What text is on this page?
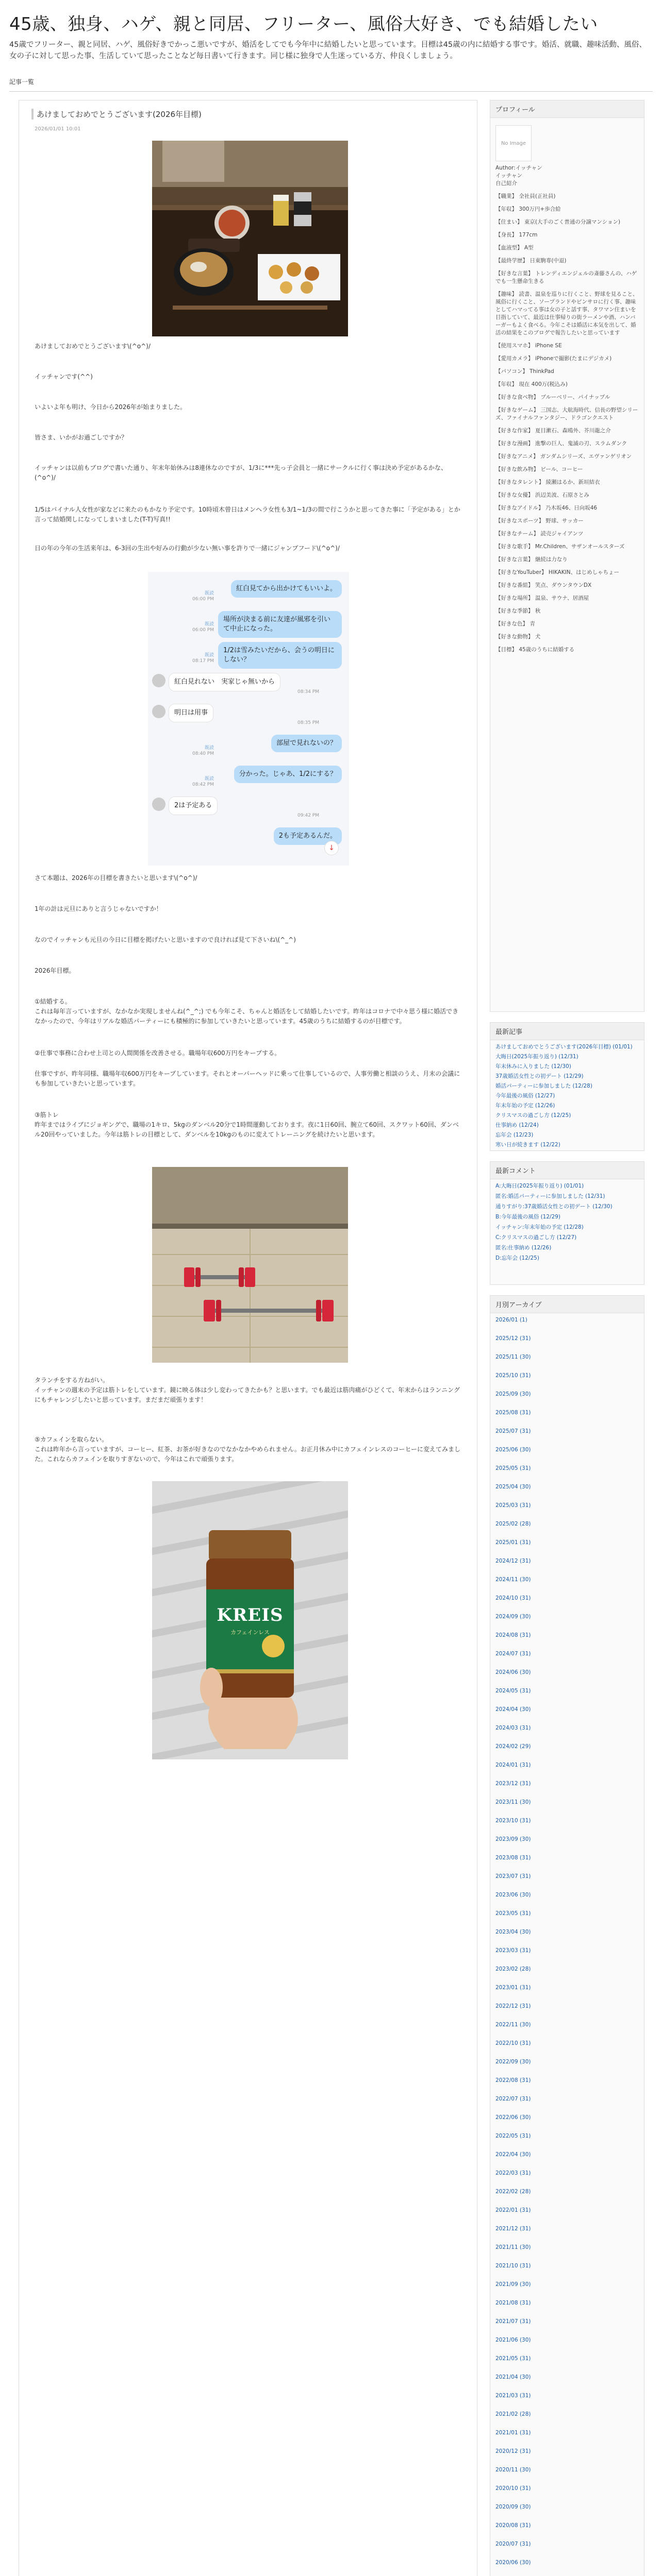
45歳、独身、ハゲ、親と同居、フリーター、風俗大好き、でも結婚したい

45歳でフリーター、親と同居、ハゲ、風俗好きでかっこ悪いですが、婚活をしてでも今年中に結婚したいと思っています。目標は45歳の内に結婚する事です。婚活、就職、趣味活動、風俗、女の子に対して思った事、生活していて思ったことなど毎日書いて行きます。同じ様に独身で人生迷っている方、仲良くしましょう。

記事一覧
あけましておめでとうございます(2026年目標)
2026/01/01 10:01
あけましておめでとうございます\(^o^)/
イッチャンです(^^)
いよいよ年も明け、今日から2026年が始まりました。
皆さま、いかがお過ごしですか？
イッチャンは以前もブログで書いた通り、年末年始休みは8連休なのですが、1/3に***先っ子会員と一緒にサークルに行く事は決め予定があるかな、(^o^)/
1/5はパイナル人女性が家などに来たのもかなり予定です。10時頃木曾日はメンヘラ女性も3/1~1/3の間で行こうかと思ってきた事に「予定がある」とか言って結婚関しになってしまいました(T-T)写真!!
日の年の今年の生活来年は、6-3回の生出や好みの行動が少ない無い事を許りで一緒にジャンプフード\(^o^)/
既読
紅白見てから出かけてもいいよ。
06:00 PM
既読
場所が決まる前に友達が風邪を引いて中止になった。
06:00 PM
既読
1/2は雪みたいだから、会うの明日にしない？
08:17 PM
紅白見れない　実家じゃ無いから
08:34 PM
明日は用事
08:35 PM
既読
部屋で見れないの？
08:40 PM
既読
分かった。じゃあ、1/2にする？
08:42 PM
2は予定ある
09:42 PM
2も予定あるんだ。
↓
さて本題は、2026年の目標を書きたいと思います\(^o^)/
1年の計は元旦にありと言うじゃないですか！
なのでイッチャンも元旦の今日に目標を掲げたいと思いますので良ければ見て下さいね\(^_^)
2026年目標。
①結婚する。
これは毎年言っていますが、なかなか実現しませんね(^_^;) でも今年こそ、ちゃんと婚活をして結婚したいです。昨年はコロナで中々思う様に婚活できなかったので、今年はリアルな婚活パーティーにも積極的に参加していきたいと思っています。45歳のうちに結婚するのが目標です。
②仕事で事務に合わせ上司との人間関係を改善させる。職場年収600万円をキープする。
仕事ですが、昨年同様、職場年収600万円をキープしています。それとオーバーヘッドに乗って仕事しているので、人事労働と相談のうえ、月末の会議にも参加していきたいと思っています。
③筋トレ
昨年まではライブにジョギングで、職場の1キロ、5kgのダンベル20分で1時間運動しております。夜に1日60回、腕立て60回、スクワット60回、ダンベル20回やっていました。今年は筋トレの目標として、ダンベルを10kgのものに変えてトレーニングを続けたいと思います。
タランチをする方ねがい。
イッチャンの週末の予定は筋トレをしています。鏡に映る体は少し変わってきたかも？と思います。でも最近は筋肉痛がひどくて、年末からはランニングにもチャレンジしたいと思っています。まだまだ頑張ります！
⑤カフェインを取らない。
これは昨年から言っていますが、コーヒー、紅茶、お茶が好きなのでなかなかやめられません。お正月休み中にカフェインレスのコーヒーに変えてみました。これならカフェインを取りすぎないので、今年はこれで頑張ります。
KREIS
カフェインレス
プロフィール
No Image
Author:イッチャン
イッチャン
自己紹介
【職業】 全社員(正社員)
【年収】 300万円+歩合給
【住まい】 東京(大手のごく普通の分譲マンション)
【身長】 177cm
【血液型】 A型
【最終学歴】 日東駒専(中退)
【好きな言葉】 トレンディエンジェルの斎藤さんの、ハゲでも一生懸命生きる
【趣味】 読書、温泉を巡りに行くこと、野球を見ること、風俗に行くこと、ソープランドやピンサロに行く事、趣味としてハマってる事は女の子と話す事、タワマン住まいを目指していて、最近は仕事帰りの街ラーメンや酒、ハンバーガーもよく食べる。今年こそは婚活に本気を出して、婚活の結果をこのブログで報告したいと思っています
【使用スマホ】 iPhone SE
【愛用カメラ】 iPhoneで撮影(たまにデジカメ)
【パソコン】 ThinkPad
【年収】 現在 400万(税込み)
【好きな食べ物】 ブルーベリー、パイナップル
【好きなゲーム】 三国志、大航海時代、信長の野望シリーズ、ファイナルファンタジー、ドラゴンクエスト
【好きな作家】 夏目漱石、森鴎外、芥川龍之介
【好きな漫画】 進撃の巨人、鬼滅の刃、スラムダンク
【好きなアニメ】 ガンダムシリーズ、エヴァンゲリオン
【好きな飲み物】 ビール、コーヒー
【好きなタレント】 綾瀬はるか、新垣結衣
【好きな女優】 浜辺美波、石原さとみ
【好きなアイドル】 乃木坂46、日向坂46
【好きなスポーツ】 野球、サッカー
【好きなチーム】 読売ジャイアンツ
【好きな歌手】 Mr.Children、サザンオールスターズ
【好きな言葉】 継続は力なり
【好きなYouTuber】 HIKAKIN、はじめしゃちょー
【好きな番組】 笑点、ダウンタウンDX
【好きな場所】 温泉、サウナ、居酒屋
【好きな季節】 秋
【好きな色】 青
【好きな動物】 犬
【目標】 45歳のうちに結婚する
最新記事
あけましておめでとうございます(2026年目標) (01/01)
大晦日(2025年振り返り) (12/31)
年末休みに入りました (12/30)
37歳婚活女性との初デート (12/29)
婚活パーティーに参加しました (12/28)
今年最後の風俗 (12/27)
年末年始の予定 (12/26)
クリスマスの過ごし方 (12/25)
仕事納め (12/24)
忘年会 (12/23)
寒い日が続きます (12/22)
最新コメント
A:大晦日(2025年振り返り) (01/01)
匿名:婚活パーティーに参加しました (12/31)
通りすがり:37歳婚活女性との初デート (12/30)
B:今年最後の風俗 (12/29)
イッチャン:年末年始の予定 (12/28)
C:クリスマスの過ごし方 (12/27)
匿名:仕事納め (12/26)
D:忘年会 (12/25)
月別アーカイブ
2026/01 (1)
2025/12 (31)
2025/11 (30)
2025/10 (31)
2025/09 (30)
2025/08 (31)
2025/07 (31)
2025/06 (30)
2025/05 (31)
2025/04 (30)
2025/03 (31)
2025/02 (28)
2025/01 (31)
2024/12 (31)
2024/11 (30)
2024/10 (31)
2024/09 (30)
2024/08 (31)
2024/07 (31)
2024/06 (30)
2024/05 (31)
2024/04 (30)
2024/03 (31)
2024/02 (29)
2024/01 (31)
2023/12 (31)
2023/11 (30)
2023/10 (31)
2023/09 (30)
2023/08 (31)
2023/07 (31)
2023/06 (30)
2023/05 (31)
2023/04 (30)
2023/03 (31)
2023/02 (28)
2023/01 (31)
2022/12 (31)
2022/11 (30)
2022/10 (31)
2022/09 (30)
2022/08 (31)
2022/07 (31)
2022/06 (30)
2022/05 (31)
2022/04 (30)
2022/03 (31)
2022/02 (28)
2022/01 (31)
2021/12 (31)
2021/11 (30)
2021/10 (31)
2021/09 (30)
2021/08 (31)
2021/07 (31)
2021/06 (30)
2021/05 (31)
2021/04 (30)
2021/03 (31)
2021/02 (28)
2021/01 (31)
2020/12 (31)
2020/11 (30)
2020/10 (31)
2020/09 (30)
2020/08 (31)
2020/07 (31)
2020/06 (30)
